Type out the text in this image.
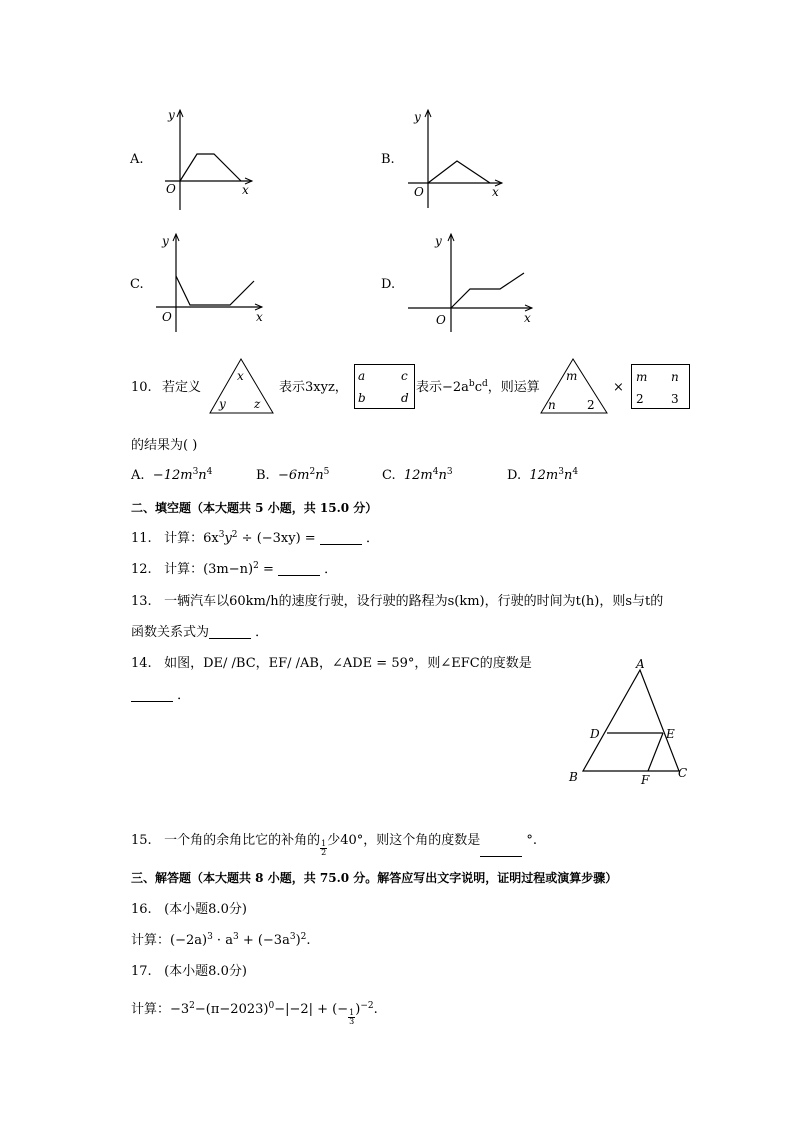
A.
y
x
O
B.
y
x
O
C.
y
x
O
D.
y
x
O
10. 若定义
x
y z
表示3xyz，
a	c
b	d
表示$-2a^bc^d$，则运算
m
n	2
×
m n
2 3
的结果为( )
A. $-12m^3n^4$	B. $-6m^2n^5$	C. $12m^4n^3$	D. $12m^3n^4$
二、填空题（本大题共 5 小题，共 15.0 分）
11. 计算：$6x^3y^2 \div (-3xy)$ =	．
12. 计算：$(3m-n)^2$ =	．
13. 一辆汽车以60km/h的速度行驶，设行驶的路程为s(km)，行驶的时间为t(h)，则s与t的
函数关系式为	．
14. 如图，DE/ /BC，EF/ /AB，∠ADE = 59°，则∠EFC的度数是
．
A
D	E
B	F C
15. 一个角的余角比它的补角的 $\frac{1}{2}$ 少40°，则这个角的度数是	°.
三、解答题（本大题共 8 小题，共 75.0 分。解答应写出文字说明，证明过程或演算步骤）
16. (本小题8.0分)
计算：$(-2a)^3 \cdot a^3 + (-3a^3)^2$.
17. (本小题8.0分)
计算：$-3^2-(\pi-2023)^0-|-2|$ + (− $\frac{1}{3} )^{-2}$.
